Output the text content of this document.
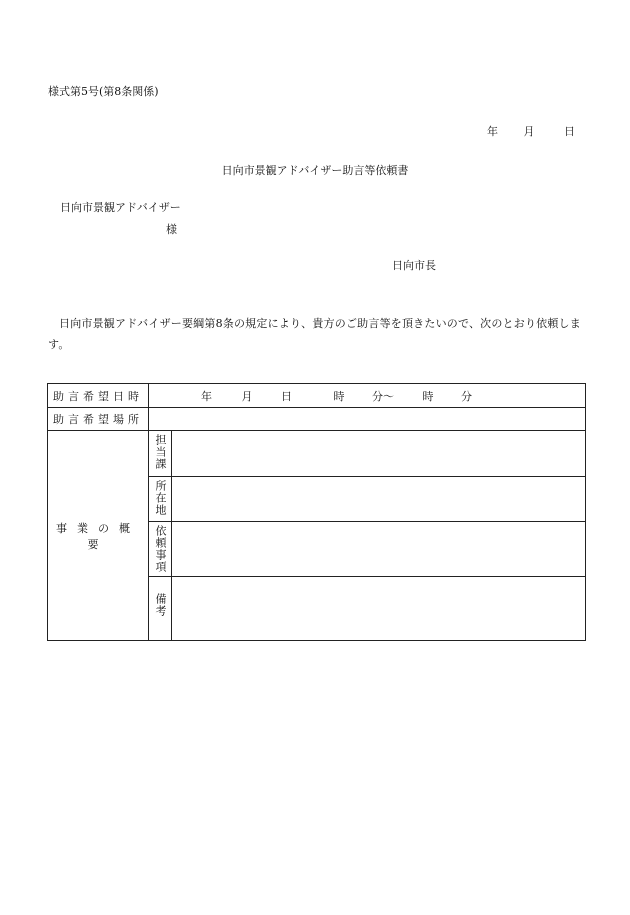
様式第5号(第8条関係)
年 月	日
日向市景観アドバイザー助言等依頼書
日向市景観アドバイザー
様
日向市長
日向市景観アドバイザー要綱第8条の規定により、貴方のご助言等を頂きたいので、次のとおり依頼します。
助言希望日時	年 月 日 時 分～ 時 分	
助言希望場所		
事業の概要	担当課	
	所在地	
	依頼事項	
	備考	
